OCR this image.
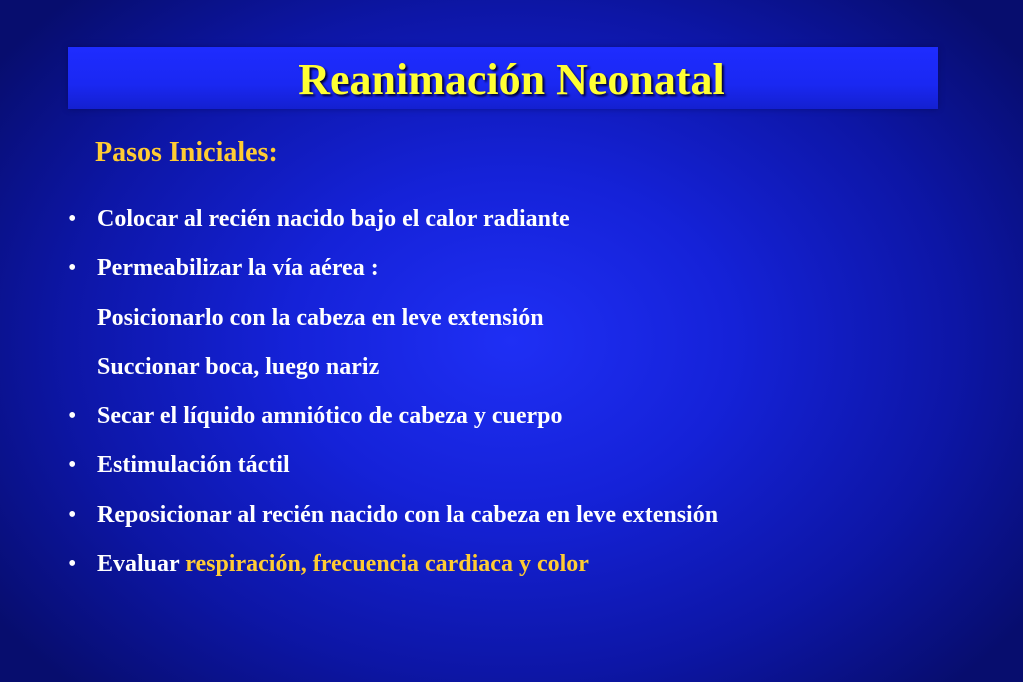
Reanimación Neonatal
Pasos Iniciales:
• Colocar al recién nacido bajo el calor radiante
• Permeabilizar la vía aérea :
Posicionarlo con la cabeza en leve extensión
Succionar boca, luego nariz
• Secar el líquido amniótico de cabeza y cuerpo
• Estimulación táctil
• Reposicionar al recién nacido con la cabeza en leve extensión
• Evaluar respiración, frecuencia cardiaca y color
